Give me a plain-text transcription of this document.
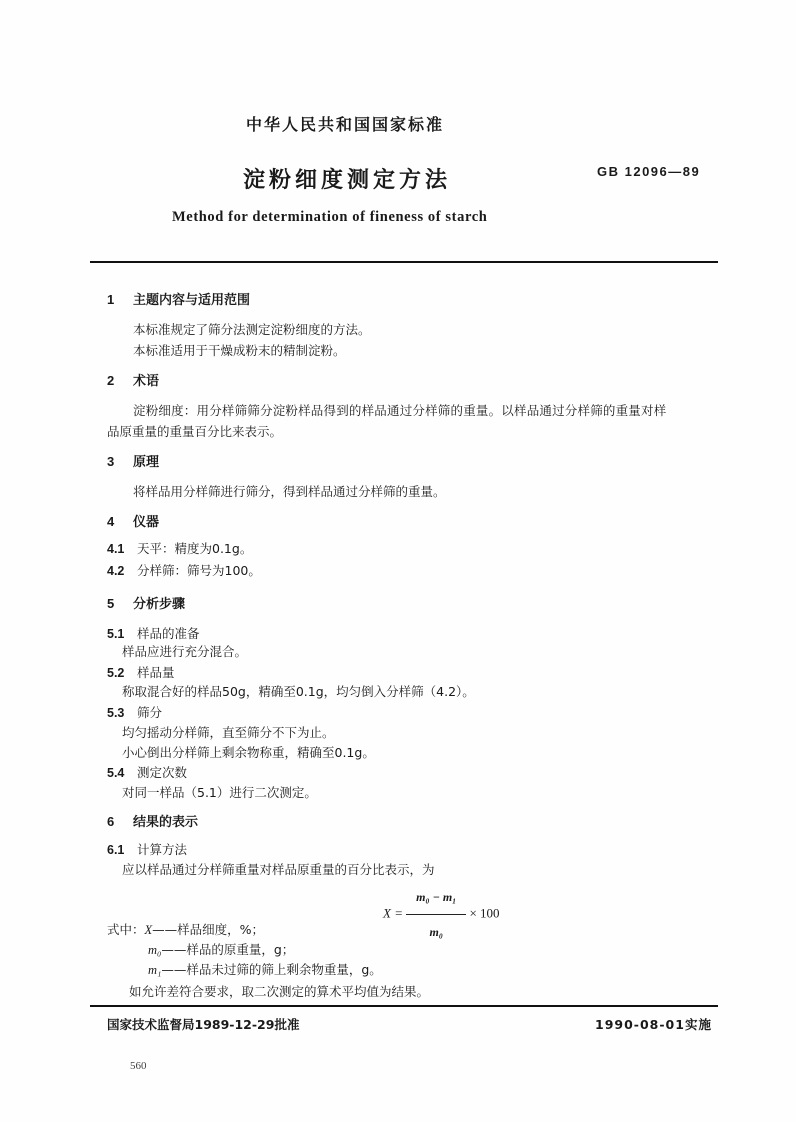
中华人民共和国国家标准
淀粉细度测定方法	GB 12096—89
Method for determination of fineness of starch
1 主题内容与适用范围
本标准规定了筛分法测定淀粉细度的方法。
本标准适用于干燥成粉末的精制淀粉。
2 术语
淀粉细度：用分样筛筛分淀粉样品得到的样品通过分样筛的重量。以样品通过分样筛的重量对样
品原重量的重量百分比来表示。
3 原理
将样品用分样筛进行筛分，得到样品通过分样筛的重量。
4 仪器
4.1 天平：精度为0.1g。
4.2 分样筛：筛号为100。
5 分析步骤
5.1 样品的准备
样品应进行充分混合。
5.2 样品量
称取混合好的样品50g，精确至0.1g，均匀倒入分样筛（4.2）。
5.3 筛分
均匀摇动分样筛，直至筛分不下为止。
小心倒出分样筛上剩余物称重，精确至0.1g。
5.4 测定次数
对同一样品（5.1）进行二次测定。
6 结果的表示
6.1 计算方法
应以样品通过分样筛重量对样品原重量的百分比表示，为
$X = \frac{\text{m₀ − m₁}}{\text{m₀}} \times 100$
式中：X——样品细度，%；
m₀——样品的原重量，g；
m₁——样品未过筛的筛上剩余物重量，g。
如允许差符合要求，取二次测定的算术平均值为结果。
国家技术监督局1989-12-29批准	1990-08-01实施
560
